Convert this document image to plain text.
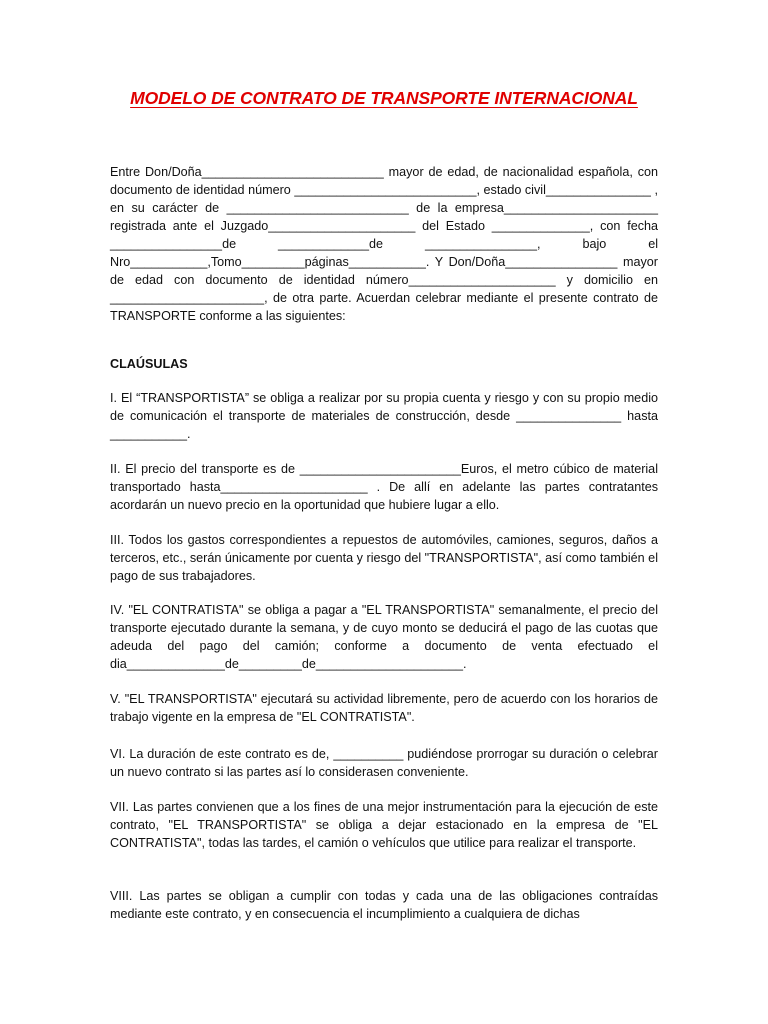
MODELO DE CONTRATO DE TRANSPORTE INTERNACIONAL

Entre Don/Doña__________________________ mayor de edad, de nacionalidad española, con documento de identidad número __________________________, estado civil_______________ , en su carácter de __________________________ de la empresa______________________ registrada ante el Juzgado_____________________ del Estado ______________, con fecha ________________de _____________de ________________, bajo el Nro___________,Tomo_________páginas___________. Y Don/Doña________________ mayor de edad con documento de identidad número_____________________ y domicilio en ______________________, de otra parte. Acuerdan celebrar mediante el presente contrato de TRANSPORTE conforme a las siguientes:

CLAÚSULAS

I. El “TRANSPORTISTA” se obliga a realizar por su propia cuenta y riesgo y con su propio medio de comunicación el transporte de materiales de construcción, desde _______________ hasta ___________.

II. El precio del transporte es de _______________________Euros, el metro cúbico de material transportado hasta_____________________ . De allí en adelante las partes contratantes acordarán un nuevo precio en la oportunidad que hubiere lugar a ello.

III. Todos los gastos correspondientes a repuestos de automóviles, camiones, seguros, daños a terceros, etc., serán únicamente por cuenta y riesgo del "TRANSPORTISTA", así como también el pago de sus trabajadores.

IV. "EL CONTRATISTA" se obliga a pagar a "EL TRANSPORTISTA" semanalmente, el precio del transporte ejecutado durante la semana, y de cuyo monto se deducirá el pago de las cuotas que adeuda del pago del camión; conforme a documento de venta efectuado el dia______________de_________de_____________________.

V. "EL TRANSPORTISTA" ejecutará su actividad libremente, pero de acuerdo con los horarios de trabajo vigente en la empresa de "EL CONTRATISTA".

VI. La duración de este contrato es de, __________ pudiéndose prorrogar su duración o celebrar un nuevo contrato si las partes así lo considerasen conveniente.

VII. Las partes convienen que a los fines de una mejor instrumentación para la ejecución de este contrato, "EL TRANSPORTISTA" se obliga a dejar estacionado en la empresa de "EL CONTRATISTA", todas las tardes, el camión o vehículos que utilice para realizar el transporte.

VIII. Las partes se obligan a cumplir con todas y cada una de las obligaciones contraídas mediante este contrato, y en consecuencia el incumplimiento a cualquiera de dichas
